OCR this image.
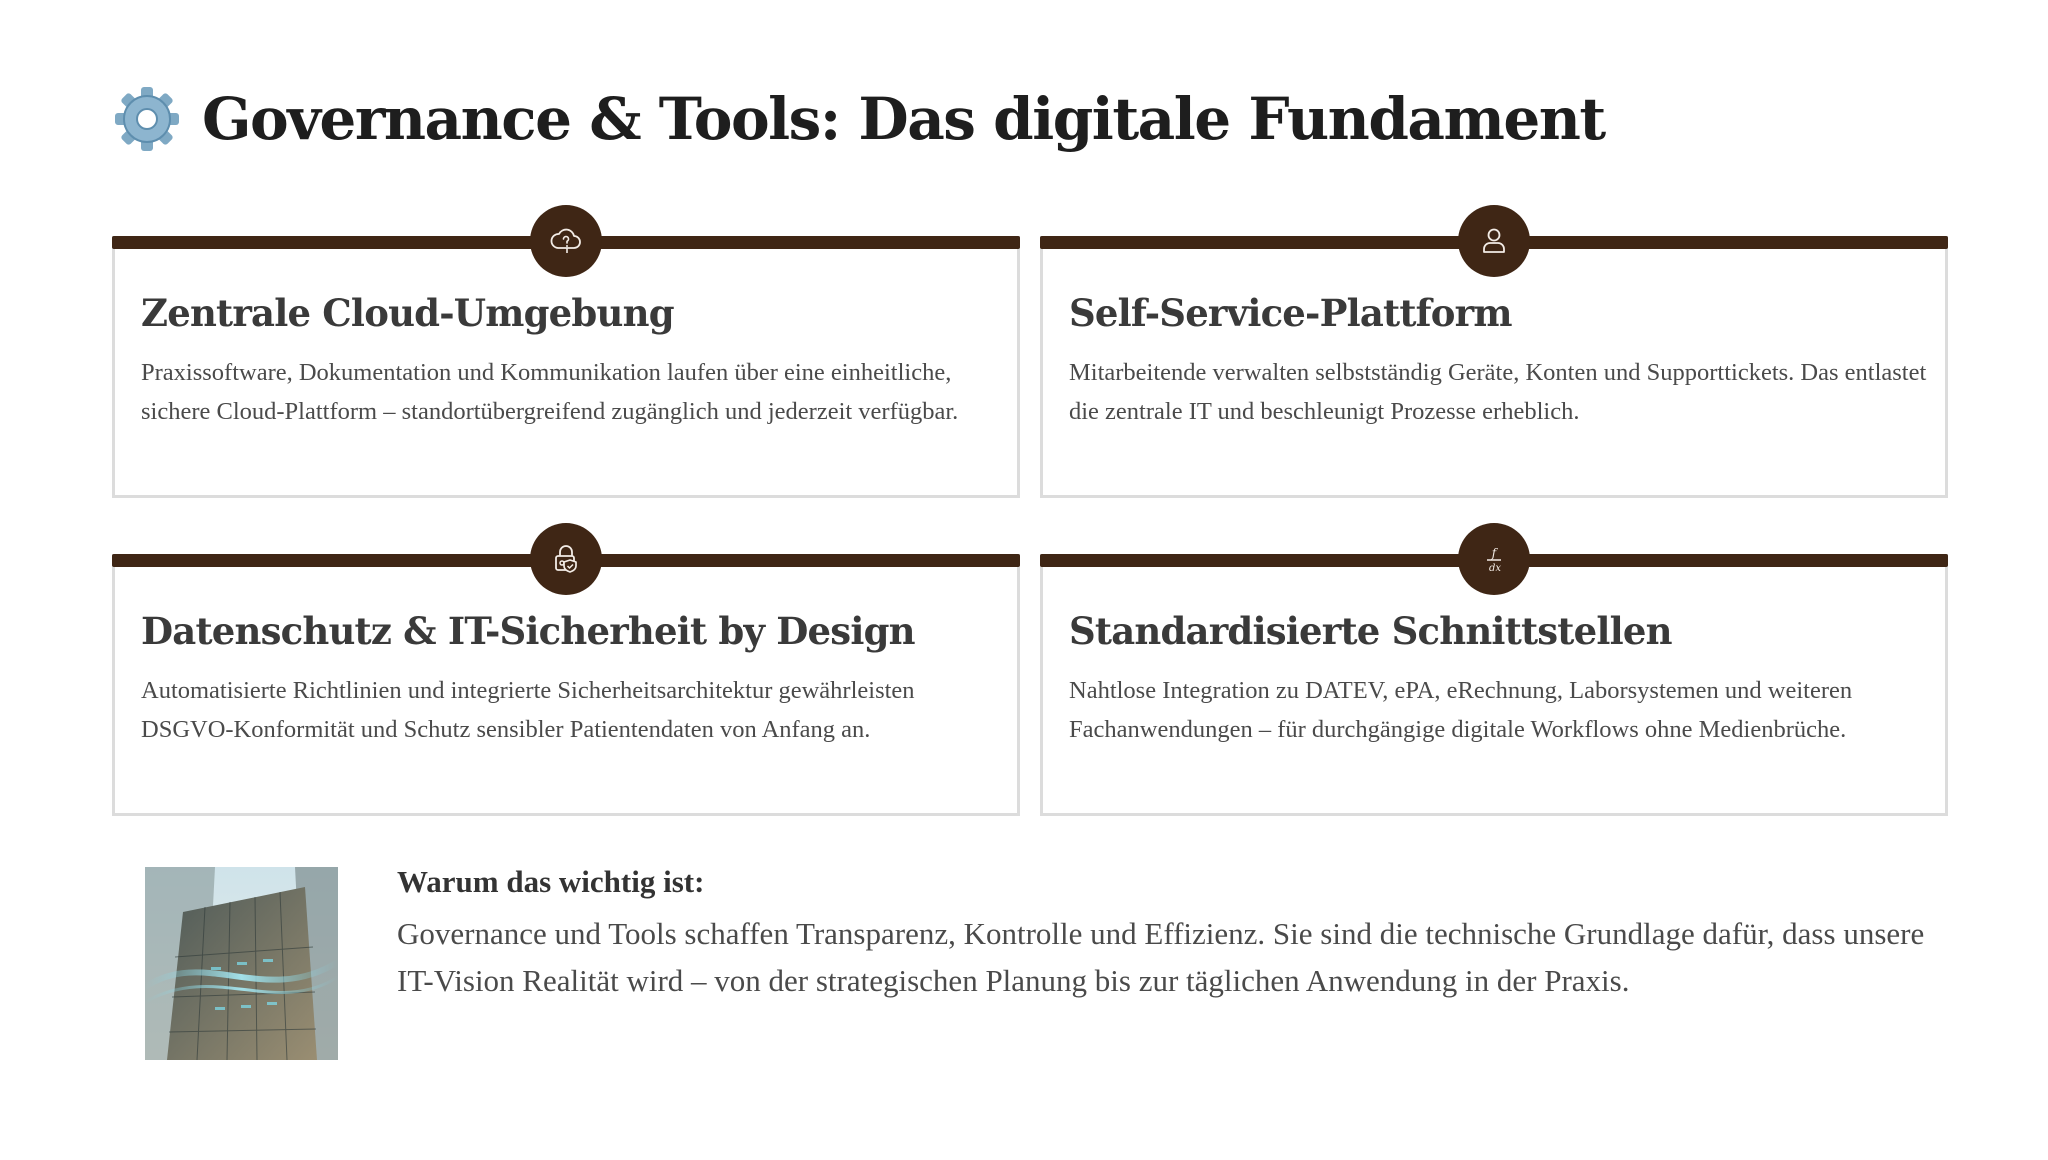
Governance & Tools: Das digitale Fundament
Zentrale Cloud-Umgebung
Praxissoftware, Dokumentation und Kommunikation laufen über eine einheitliche, sichere Cloud-Plattform – standortübergreifend zugänglich und jederzeit verfügbar.
Self-Service-Plattform
Mitarbeitende verwalten selbstständig Geräte, Konten und Supporttickets. Das entlastet die zentrale IT und beschleunigt Prozesse erheblich.
Datenschutz & IT-Sicherheit by Design
Automatisierte Richtlinien und integrierte Sicherheitsarchitektur gewährleisten DSGVO-Konformität und Schutz sensibler Patientendaten von Anfang an.
f
dx
Standardisierte Schnittstellen
Nahtlose Integration zu DATEV, ePA, eRechnung, Laborsystemen und weiteren Fachanwendungen – für durchgängige digitale Workflows ohne Medienbrüche.
Warum das wichtig ist:
Governance und Tools schaffen Transparenz, Kontrolle und Effizienz. Sie sind die technische Grundlage dafür, dass unsere IT-Vision Realität wird – von der strategischen Planung bis zur täglichen Anwendung in der Praxis.
